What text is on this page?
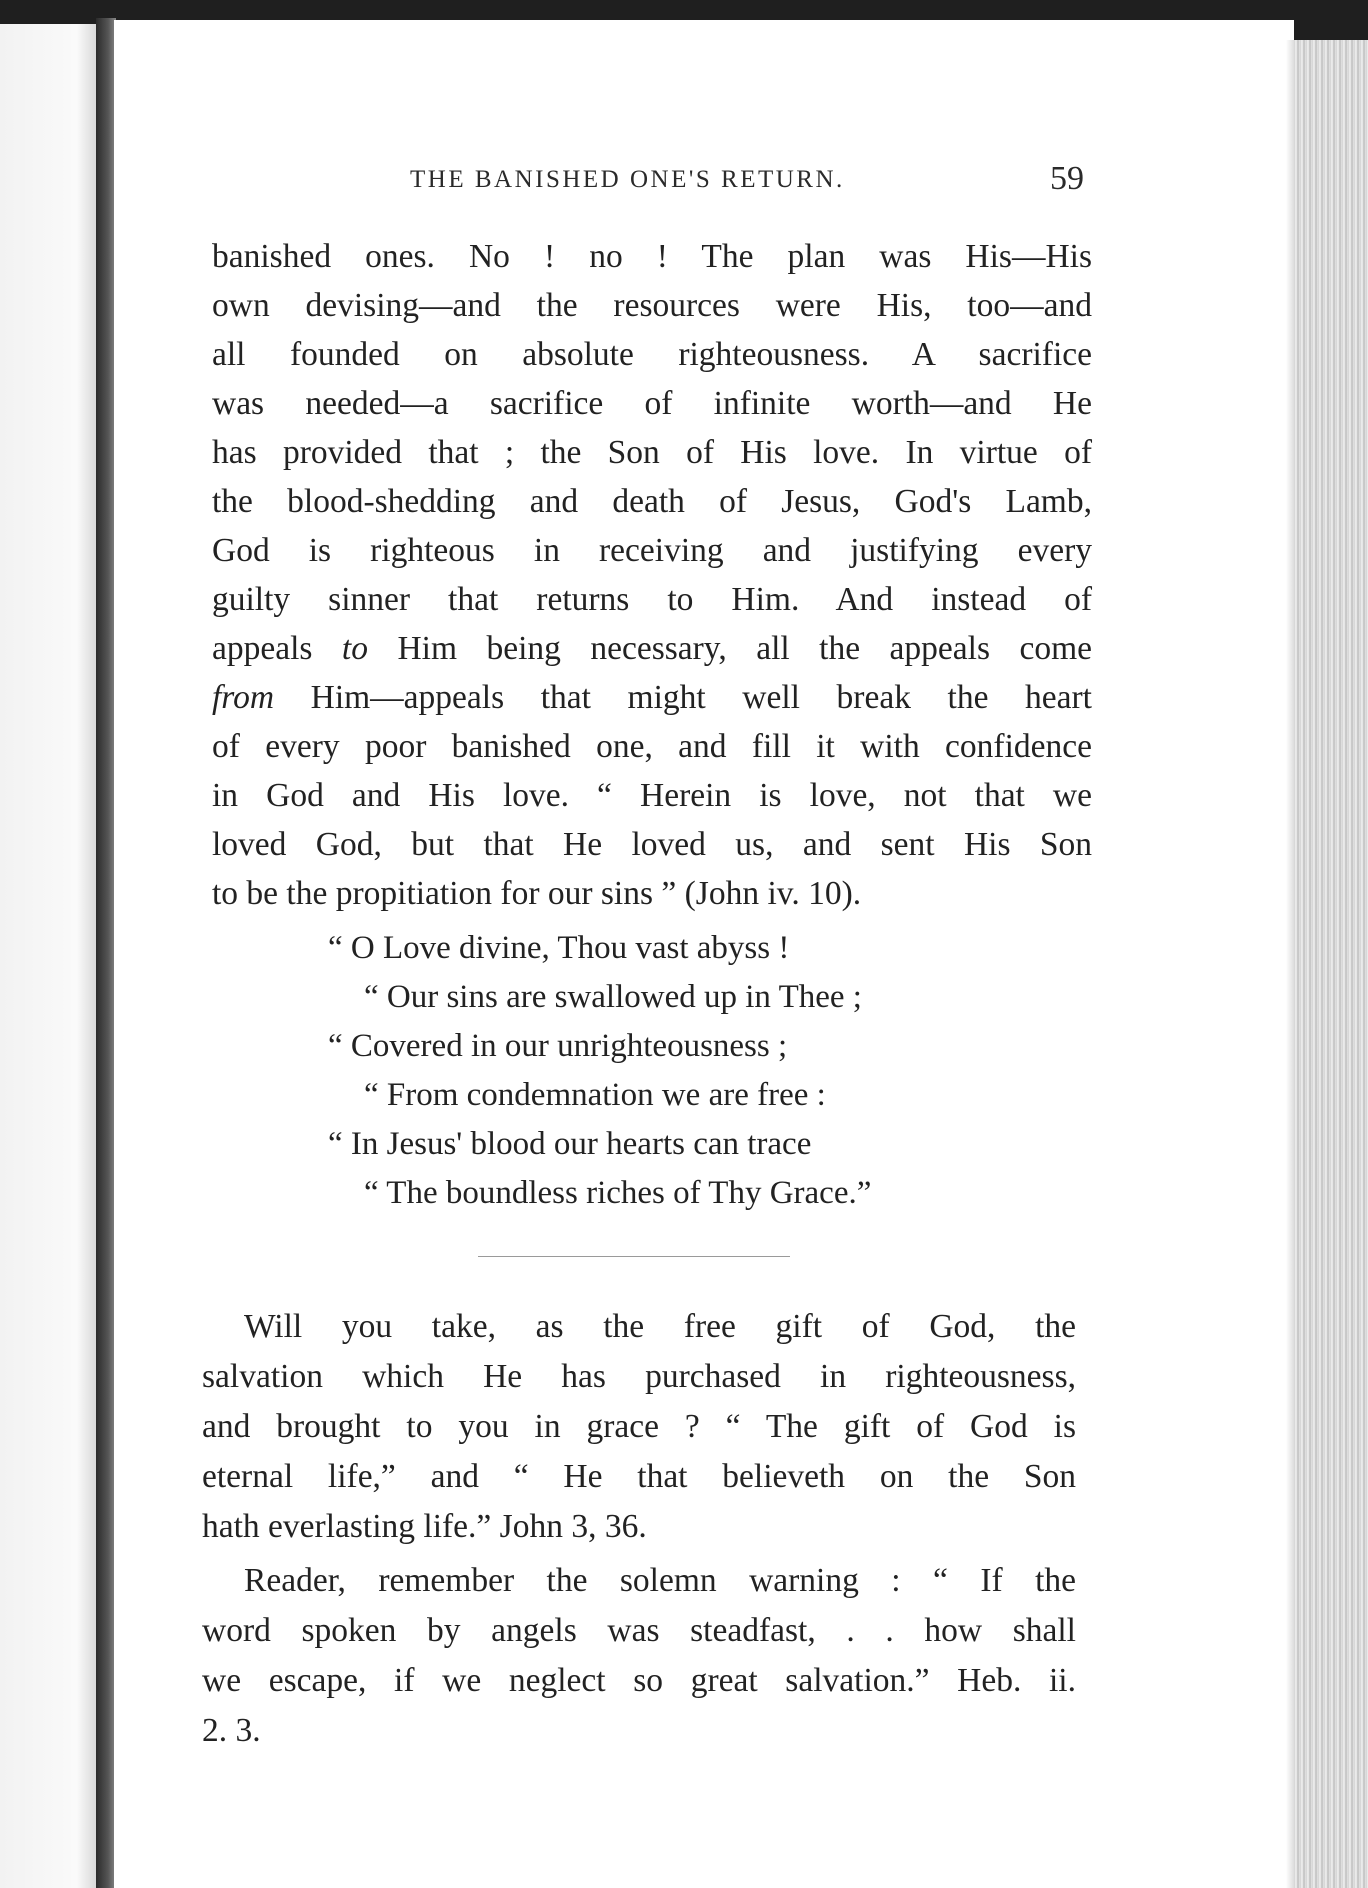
THE BANISHED ONE'S RETURN.	59
banished ones. No ! no ! The plan was His—His
own devising—and the resources were His, too—and
all founded on absolute righteousness. A sacrifice
was needed—a sacrifice of infinite worth—and He
has provided that ; the Son of His love. In virtue of
the blood-shedding and death of Jesus, God's Lamb,
God is righteous in receiving and justifying every
guilty sinner that returns to Him. And instead of
appeals to Him being necessary, all the appeals come
from Him—appeals that might well break the heart
of every poor banished one, and fill it with confidence
in God and His love. “ Herein is love, not that we
loved God, but that He loved us, and sent His Son
to be the propitiation for our sins ” (John iv. 10).
“ O Love divine, Thou vast abyss !
“ Our sins are swallowed up in Thee ;
“ Covered in our unrighteousness ;
“ From condemnation we are free :
“ In Jesus' blood our hearts can trace
“ The boundless riches of Thy Grace.”
Will you take, as the free gift of God, the
salvation which He has purchased in righteousness,
and brought to you in grace ? “ The gift of God is
eternal life,” and “ He that believeth on the Son
hath everlasting life.” John 3, 36.
Reader, remember the solemn warning : “ If the
word spoken by angels was steadfast, . . how shall
we escape, if we neglect so great salvation.” Heb. ii.
2. 3.
